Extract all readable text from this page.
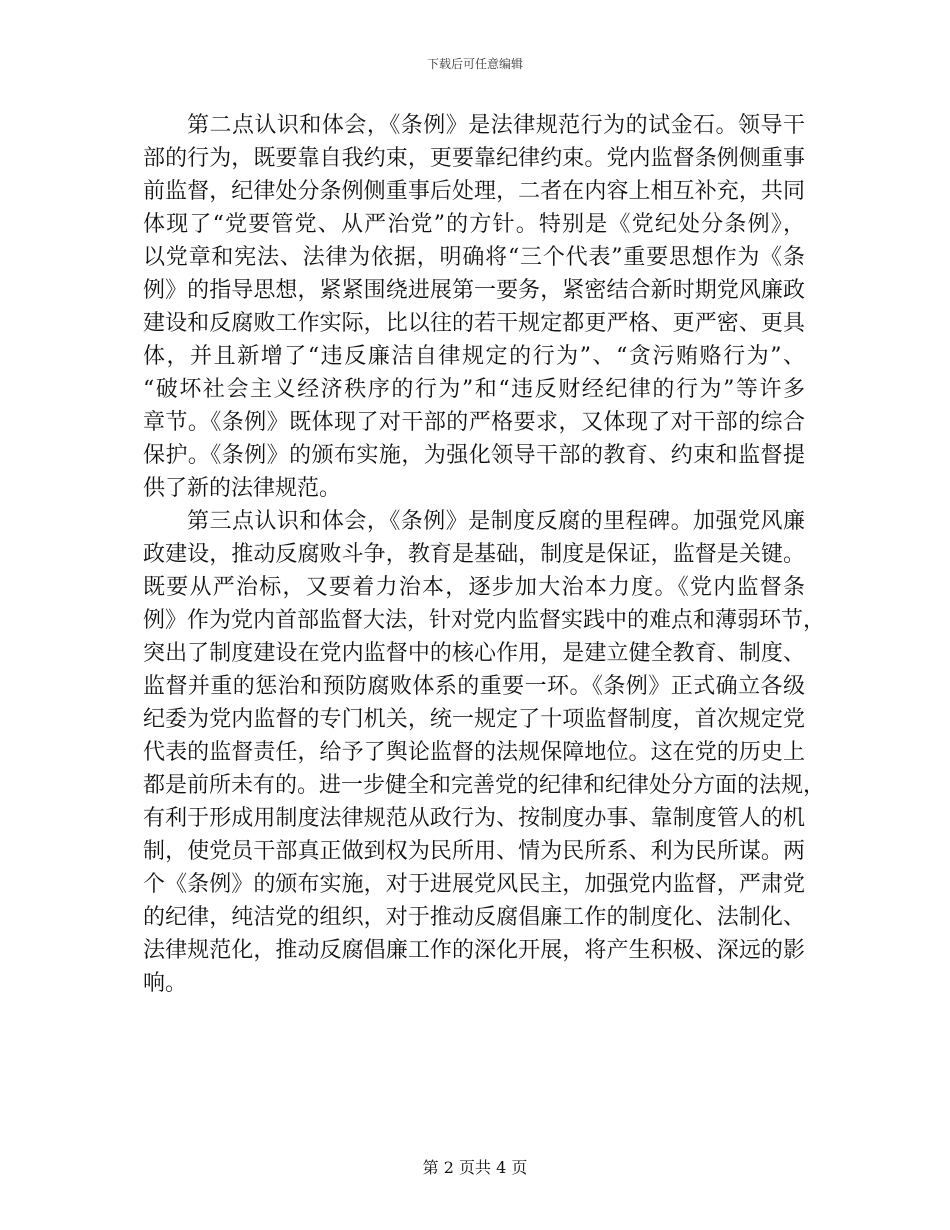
下载后可任意编辑
第二点认识和体会，《条例》是法律规范行为的试金石。领导干
部的行为，既要靠自我约束，更要靠纪律约束。党内监督条例侧重事
前监督，纪律处分条例侧重事后处理，二者在内容上相互补充，共同
体现了“党要管党、从严治党”的方针。特别是《党纪处分条例》，
以党章和宪法、法律为依据，明确将“三个代表”重要思想作为《条
例》的指导思想，紧紧围绕进展第一要务，紧密结合新时期党风廉政
建设和反腐败工作实际，比以往的若干规定都更严格、更严密、更具
体，并且新增了“违反廉洁自律规定的行为”、“贪污贿赂行为”、
“破坏社会主义经济秩序的行为”和“违反财经纪律的行为”等许多
章节。《条例》既体现了对干部的严格要求，又体现了对干部的综合
保护。《条例》的颁布实施，为强化领导干部的教育、约束和监督提
供了新的法律规范。
第三点认识和体会，《条例》是制度反腐的里程碑。加强党风廉
政建设，推动反腐败斗争，教育是基础，制度是保证，监督是关键。
既要从严治标，又要着力治本，逐步加大治本力度。《党内监督条
例》作为党内首部监督大法，针对党内监督实践中的难点和薄弱环节，
突出了制度建设在党内监督中的核心作用，是建立健全教育、制度、
监督并重的惩治和预防腐败体系的重要一环。《条例》正式确立各级
纪委为党内监督的专门机关，统一规定了十项监督制度，首次规定党
代表的监督责任，给予了舆论监督的法规保障地位。这在党的历史上
都是前所未有的。进一步健全和完善党的纪律和纪律处分方面的法规，
有利于形成用制度法律规范从政行为、按制度办事、靠制度管人的机
制，使党员干部真正做到权为民所用、情为民所系、利为民所谋。两
个《条例》的颁布实施，对于进展党风民主，加强党内监督，严肃党
的纪律，纯洁党的组织，对于推动反腐倡廉工作的制度化、法制化、
法律规范化，推动反腐倡廉工作的深化开展，将产生积极、深远的影
响。
第 2 页共 4 页
